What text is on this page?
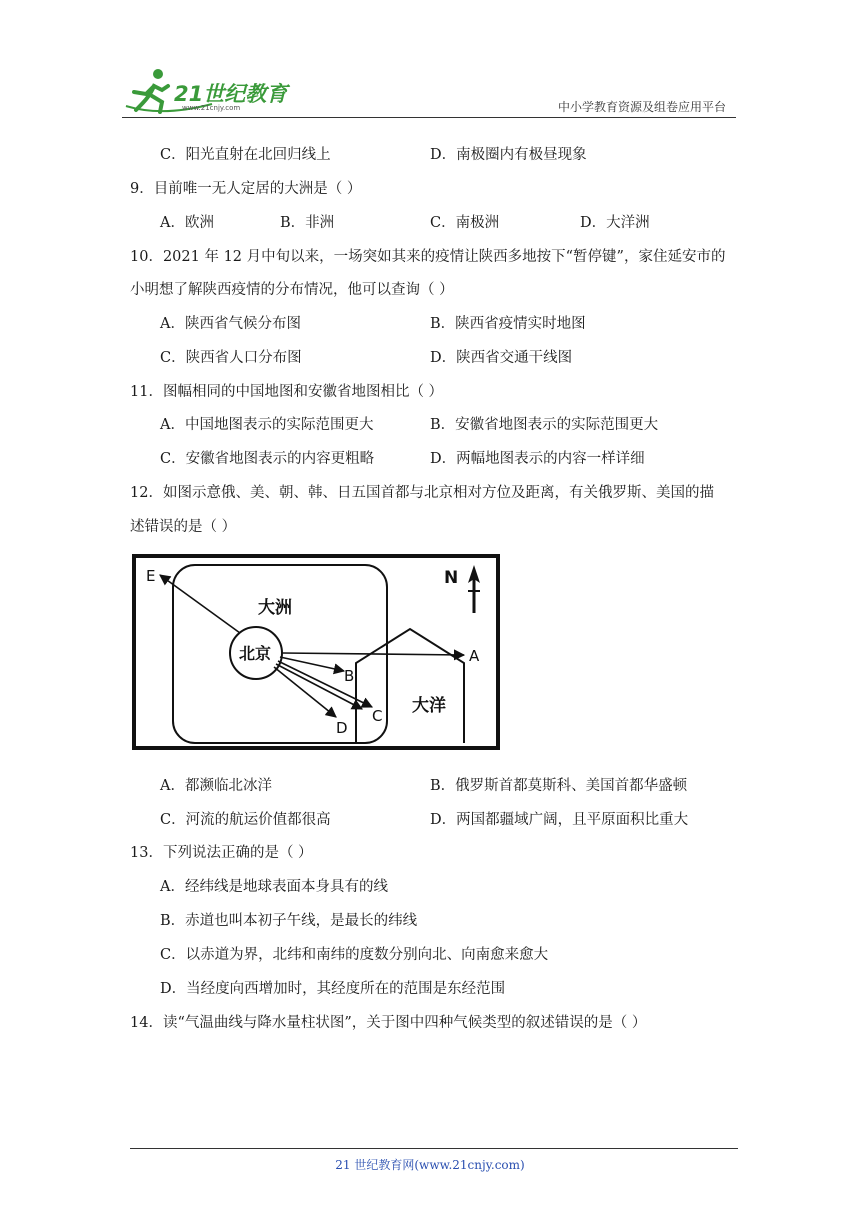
21世纪教育
www.21cnjy.com	中小学教育资源及组卷应用平台
C．阳光直射在北回归线上	D．南极圈内有极昼现象
9．目前唯一无人定居的大洲是（ ）
A．欧洲	B．非洲	C．南极洲	D．大洋洲
10．2021 年 12 月中旬以来，一场突如其来的疫情让陕西多地按下“暂停键”，家住延安市的
小明想了解陕西疫情的分布情况，他可以查询（ ）
A．陕西省气候分布图	B．陕西省疫情实时地图
C．陕西省人口分布图	D．陕西省交通干线图
11．图幅相同的中国地图和安徽省地图相比（ ）
A．中国地图表示的实际范围更大	B．安徽省地图表示的实际范围更大
C．安徽省地图表示的内容更粗略	D．两幅地图表示的内容一样详细
12．如图示意俄、美、朝、韩、日五国首都与北京相对方位及距离，有关俄罗斯、美国的描
述错误的是（ ）
大洲
大洋
北京
N
A
B
C
D
E
A．都濒临北冰洋	B．俄罗斯首都莫斯科、美国首都华盛顿
C．河流的航运价值都很高	D．两国都疆域广阔，且平原面积比重大
13．下列说法正确的是（ ）
A．经纬线是地球表面本身具有的线
B．赤道也叫本初子午线，是最长的纬线
C．以赤道为界，北纬和南纬的度数分别向北、向南愈来愈大
D．当经度向西增加时，其经度所在的范围是东经范围
14．读“气温曲线与降水量柱状图”，关于图中四种气候类型的叙述错误的是（ ）
21 世纪教育网(www.21cnjy.com)
